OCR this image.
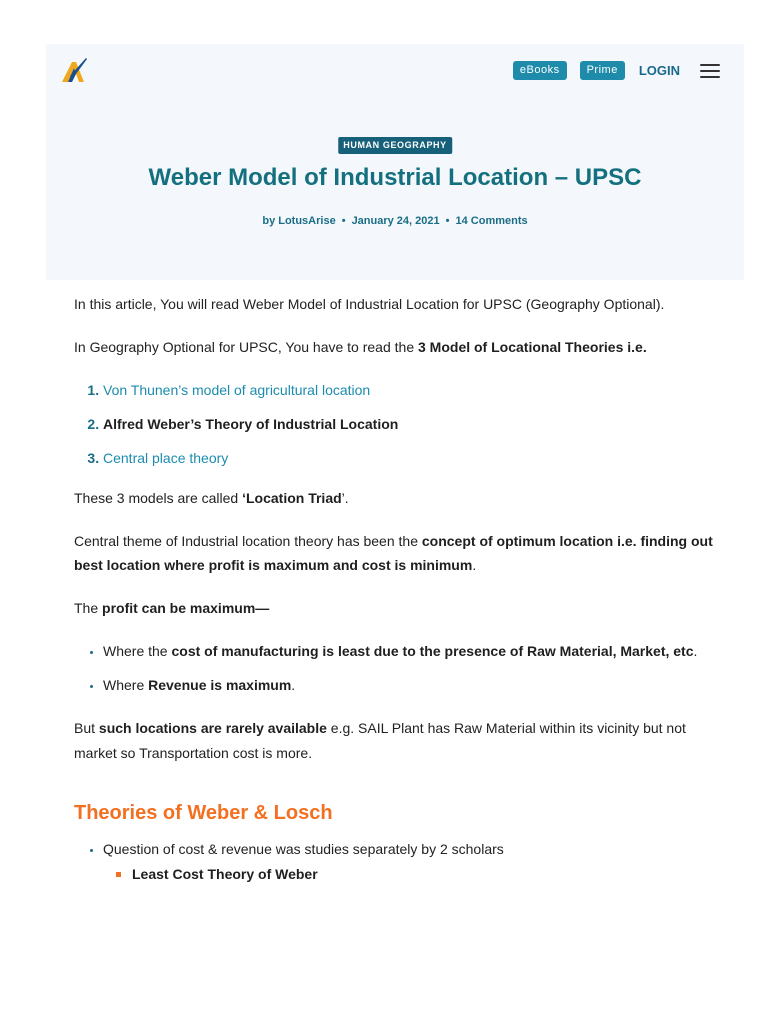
eBooks	Prime	LOGIN
HUMAN GEOGRAPHY
Weber Model of Industrial Location – UPSC
by LotusArise • January 24, 2021 • 14 Comments

In this article, You will read Weber Model of Industrial Location for UPSC (Geography Optional).

In Geography Optional for UPSC, You have to read the 3 Model of Locational Theories i.e.

1. Von Thunen’s model of agricultural location
2. Alfred Weber’s Theory of Industrial Location
3. Central place theory

These 3 models are called ‘Location Triad’.

Central theme of Industrial location theory has been the concept of optimum location i.e. finding out best location where profit is maximum and cost is minimum.

The profit can be maximum—

• Where the cost of manufacturing is least due to the presence of Raw Material, Market, etc.
• Where Revenue is maximum.

But such locations are rarely available e.g. SAIL Plant has Raw Material within its vicinity but not market so Transportation cost is more.

Theories of Weber & Losch
• Question of cost & revenue was studies separately by 2 scholars
Least Cost Theory of Weber
